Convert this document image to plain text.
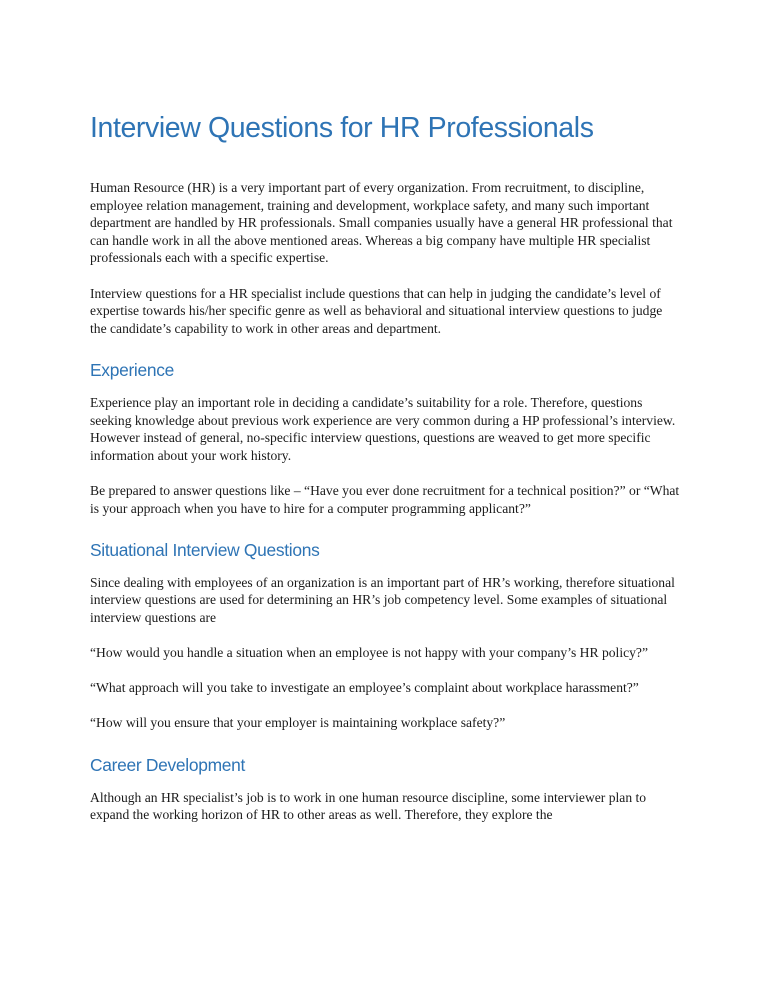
Interview Questions for HR Professionals

Human Resource (HR) is a very important part of every organization. From recruitment, to discipline, employee relation management, training and development, workplace safety, and many such important department are handled by HR professionals. Small companies usually have a general HR professional that can handle work in all the above mentioned areas. Whereas a big company have multiple HR specialist professionals each with a specific expertise.

Interview questions for a HR specialist include questions that can help in judging the candidate’s level of expertise towards his/her specific genre as well as behavioral and situational interview questions to judge the candidate’s capability to work in other areas and department.

Experience

Experience play an important role in deciding a candidate’s suitability for a role. Therefore, questions seeking knowledge about previous work experience are very common during a HP professional’s interview. However instead of general, no-specific interview questions, questions are weaved to get more specific information about your work history.

Be prepared to answer questions like – “Have you ever done recruitment for a technical position?” or “What is your approach when you have to hire for a computer programming applicant?”

Situational Interview Questions

Since dealing with employees of an organization is an important part of HR’s working, therefore situational interview questions are used for determining an HR’s job competency level. Some examples of situational interview questions are

“How would you handle a situation when an employee is not happy with your company’s HR policy?”

“What approach will you take to investigate an employee’s complaint about workplace harassment?”

“How will you ensure that your employer is maintaining workplace safety?”

Career Development

Although an HR specialist’s job is to work in one human resource discipline, some interviewer plan to expand the working horizon of HR to other areas as well. Therefore, they explore the
